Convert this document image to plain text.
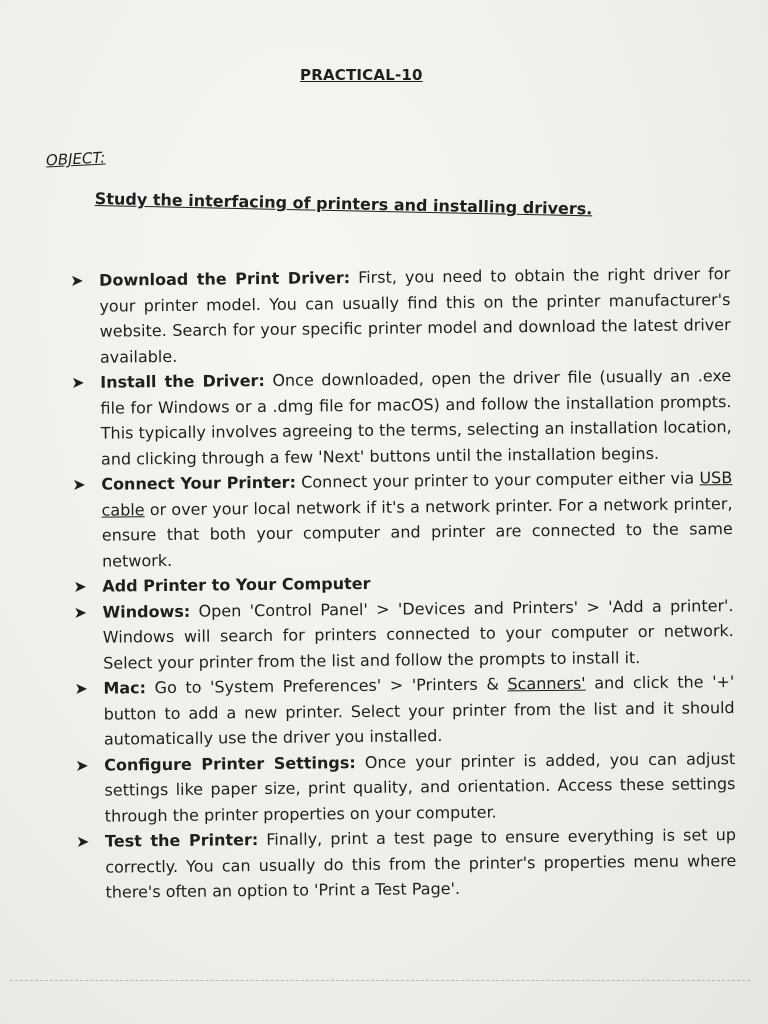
PRACTICAL-10
OBJECT:
Study the interfacing of printers and installing drivers.
➤ Download the Print Driver: First, you need to obtain the right driver for your printer model. You can usually find this on the printer manufacturer's website. Search for your specific printer model and download the latest driver available.
➤ Install the Driver: Once downloaded, open the driver file (usually an .exe file for Windows or a .dmg file for macOS) and follow the installation prompts. This typically involves agreeing to the terms, selecting an installation location, and clicking through a few 'Next' buttons until the installation begins.
➤ Connect Your Printer: Connect your printer to your computer either via USB cable or over your local network if it's a network printer. For a network printer, ensure that both your computer and printer are connected to the same network.
➤ Add Printer to Your Computer
➤ Windows: Open 'Control Panel' > 'Devices and Printers' > 'Add a printer'. Windows will search for printers connected to your computer or network. Select your printer from the list and follow the prompts to install it.
➤ Mac: Go to 'System Preferences' > 'Printers & Scanners' and click the '+' button to add a new printer. Select your printer from the list and it should automatically use the driver you installed.
➤ Configure Printer Settings: Once your printer is added, you can adjust settings like paper size, print quality, and orientation. Access these settings through the printer properties on your computer.
➤ Test the Printer: Finally, print a test page to ensure everything is set up correctly. You can usually do this from the printer's properties menu where there's often an option to 'Print a Test Page'.
